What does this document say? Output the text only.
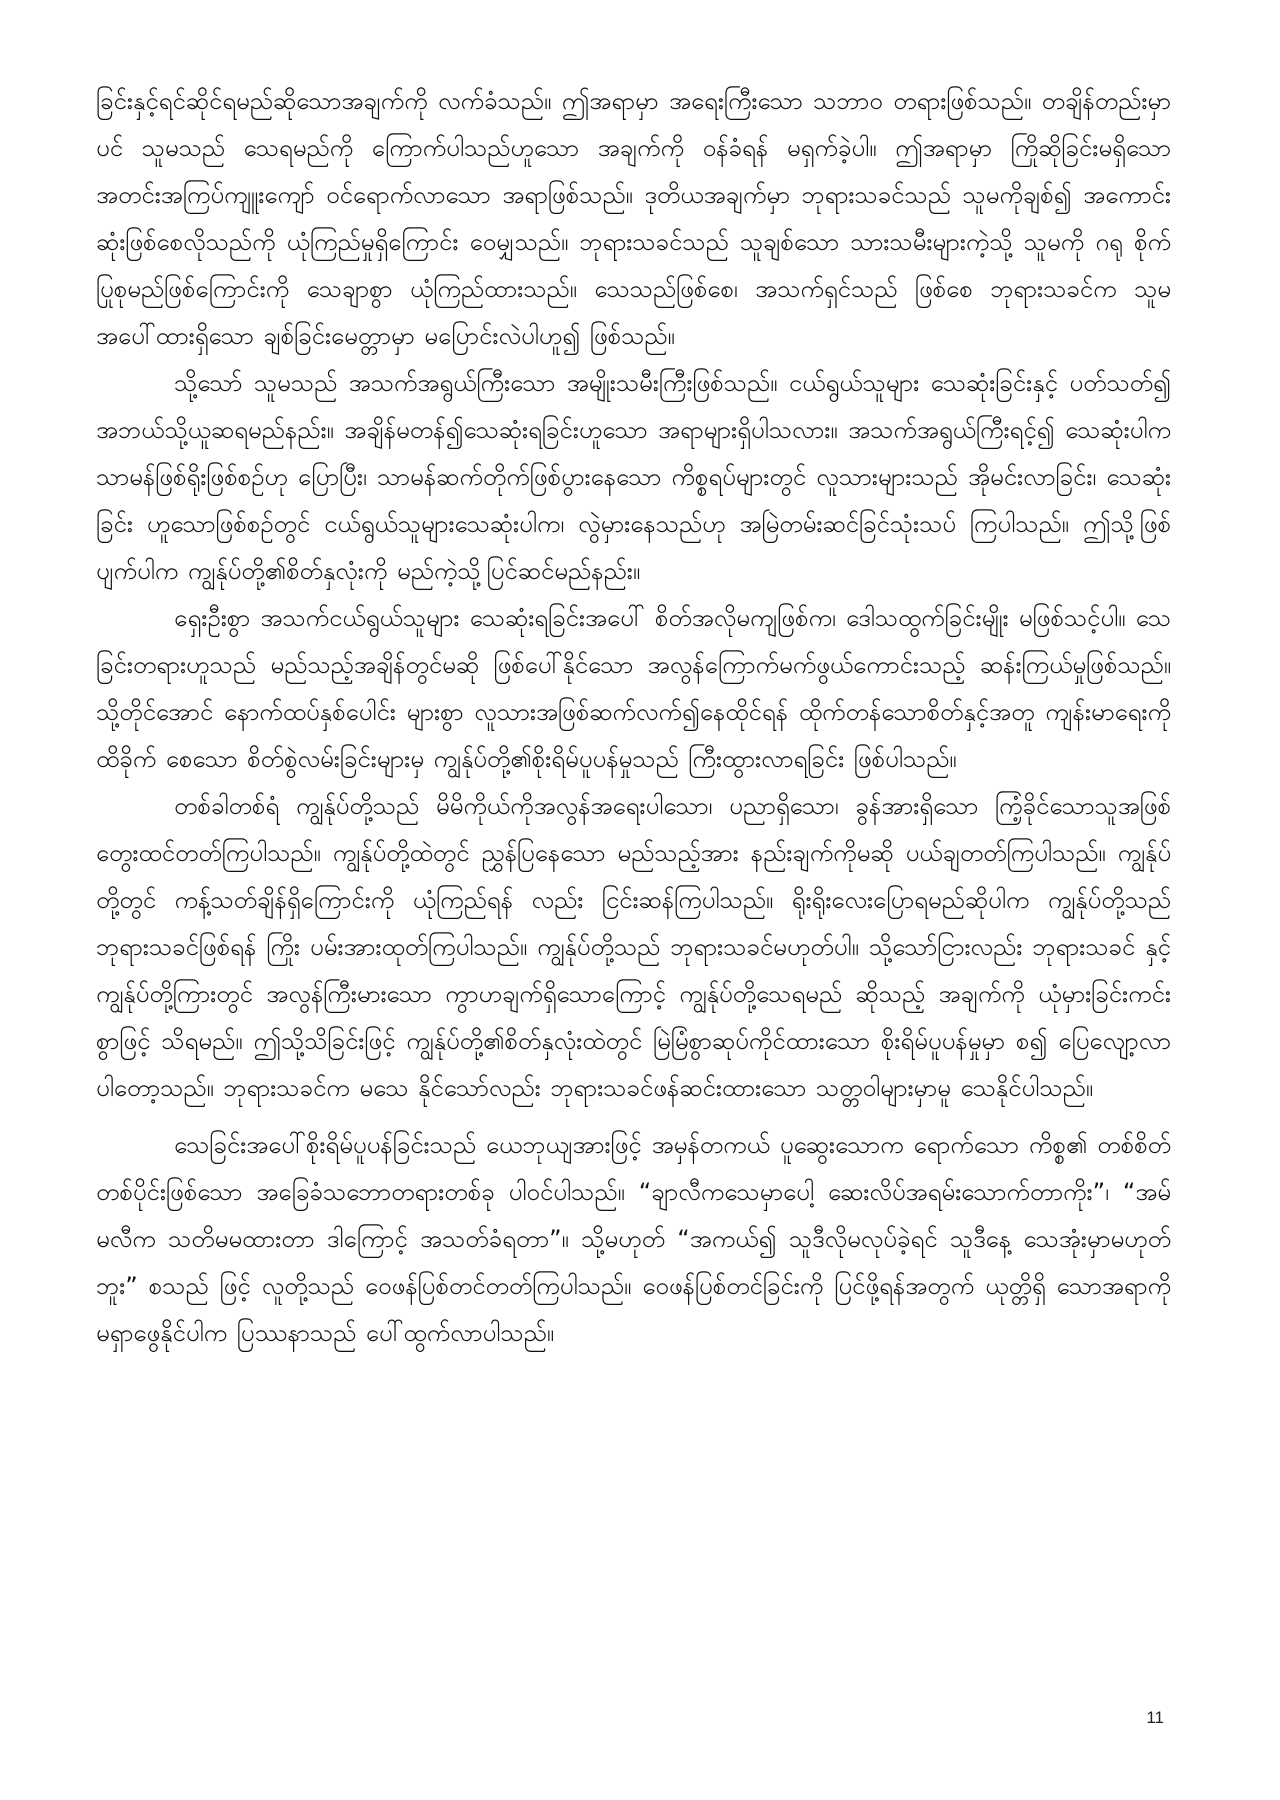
ခြင်းနှင့်ရင်ဆိုင်ရမည်ဆိုသောအချက်ကို လက်ခံသည်။ ဤအရာမှာ အရေးကြီးသော သဘာဝ တရားဖြစ်သည်။ တချိန်တည်းမှာပင် သူမသည် သေရမည်ကို ကြောက်ပါသည်ဟူသော အချက်ကို ဝန်ခံရန် မရှက်ခဲ့ပါ။ ဤအရာမှာ ကြိုဆိုခြင်းမရှိသော အတင်းအကြပ်ကျူးကျော် ဝင်ရောက်လာသော အရာဖြစ်သည်။ ဒုတိယအချက်မှာ ဘုရားသခင်သည် သူမကိုချစ်၍ အကောင်းဆုံးဖြစ်စေလိုသည်ကို ယုံကြည်မှုရှိကြောင်း ဝေမျှသည်။ ဘုရားသခင်သည် သူချစ်သော သားသမီးများကဲ့သို့ သူမကို ဂရု စိုက်ပြုစုမည်ဖြစ်ကြောင်းကို သေချာစွာ ယုံကြည်ထားသည်။ သေသည်ဖြစ်စေ၊ အသက်ရှင်သည် ဖြစ်စေ ဘုရားသခင်က သူမအပေါ်ထားရှိသော ချစ်ခြင်းမေတ္တာမှာ မပြောင်းလဲပါဟူ၍ ဖြစ်သည်။

သို့သော် သူမသည် အသက်အရွယ်ကြီးသော အမျိုးသမီးကြီးဖြစ်သည်။ ငယ်ရွယ်သူများ သေဆုံးခြင်းနှင့် ပတ်သတ်၍ အဘယ်သို့ယူဆရမည်နည်း။ အချိန်မတန်၍သေဆုံးရခြင်းဟူသော အရာများရှိပါသလား။ အသက်အရွယ်ကြီးရင့်၍ သေဆုံးပါက သာမန်ဖြစ်ရိုးဖြစ်စဉ်ဟု ပြောပြီး၊ သာမန်ဆက်တိုက်ဖြစ်ပွားနေသော ကိစ္စရပ်များတွင် လူသားများသည် အိုမင်းလာခြင်း၊ သေဆုံးခြင်း ဟူသောဖြစ်စဉ်တွင် ငယ်ရွယ်သူများသေဆုံးပါက၊ လွဲမှားနေသည်ဟု အမြဲတမ်းဆင်ခြင်သုံးသပ် ကြပါသည်။ ဤသို့ဖြစ်ပျက်ပါက ကျွန်ုပ်တို့၏စိတ်နှလုံးကို မည်ကဲ့သို့ပြင်ဆင်မည်နည်း။

ရှေးဦးစွာ အသက်ငယ်ရွယ်သူများ သေဆုံးရခြင်းအပေါ် စိတ်အလိုမကျဖြစ်က၊ ဒေါသထွက်ခြင်းမျိုး မဖြစ်သင့်ပါ။ သေခြင်းတရားဟူသည် မည်သည့်အချိန်တွင်မဆို ဖြစ်ပေါ်နိုင်သော အလွန်ကြောက်မက်ဖွယ်ကောင်းသည့် ဆန်းကြယ်မှုဖြစ်သည်။ သို့တိုင်အောင် နောက်ထပ်နှစ်ပေါင်း များစွာ လူသားအဖြစ်ဆက်လက်၍နေထိုင်ရန် ထိုက်တန်သောစိတ်နှင့်အတူ ကျန်းမာရေးကိုထိခိုက် စေသော စိတ်စွဲလမ်းခြင်းများမှ ကျွန်ုပ်တို့၏စိုးရိမ်ပူပန်မှုသည် ကြီးထွားလာရခြင်း ဖြစ်ပါသည်။

တစ်ခါတစ်ရံ ကျွန်ုပ်တို့သည် မိမိကိုယ်ကိုအလွန်အရေးပါသော၊ ပညာရှိသော၊ ခွန်အားရှိသော ကြံ့ခိုင်သောသူအဖြစ် တွေးထင်တတ်ကြပါသည်။ ကျွန်ုပ်တို့ထဲတွင် ညွှန်ပြနေသော မည်သည့်အား နည်းချက်ကိုမဆို ပယ်ချတတ်ကြပါသည်။ ကျွန်ုပ်တို့တွင် ကန့်သတ်ချိန်ရှိကြောင်းကို ယုံကြည်ရန် လည်း ငြင်းဆန်ကြပါသည်။ ရိုးရိုးလေးပြောရမည်ဆိုပါက ကျွန်ုပ်တို့သည် ဘုရားသခင်ဖြစ်ရန် ကြိုး ပမ်းအားထုတ်ကြပါသည်။ ကျွန်ုပ်တို့သည် ဘုရားသခင်မဟုတ်ပါ။ သို့သော်ငြားလည်း ဘုရားသခင် နှင့် ကျွန်ုပ်တို့ကြားတွင် အလွန်ကြီးမားသော ကွာဟချက်ရှိသောကြောင့် ကျွန်ုပ်တို့သေရမည် ဆိုသည့် အချက်ကို ယုံမှားခြင်းကင်းစွာဖြင့် သိရမည်။ ဤသို့သိခြင်းဖြင့် ကျွန်ုပ်တို့၏စိတ်နှလုံးထဲတွင် မြဲမြံစွာဆုပ်ကိုင်ထားသော စိုးရိမ်ပူပန်မှုမှာ စ၍ ပြေလျော့လာပါတော့သည်။ ဘုရားသခင်က မသေ နိုင်သော်လည်း ဘုရားသခင်ဖန်ဆင်းထားသော သတ္တဝါများမှာမူ သေနိုင်ပါသည်။

သေခြင်းအပေါ်စိုးရိမ်ပူပန်ခြင်းသည် ယေဘုယျအားဖြင့် အမှန်တကယ် ပူဆွေးသောက ရောက်သော ကိစ္စ၏ တစ်စိတ်တစ်ပိုင်းဖြစ်သော အခြေခံသဘောတရားတစ်ခု ပါဝင်ပါသည်။ “ချာလီကသေမှာပေါ့ ဆေးလိပ်အရမ်းသောက်တာကိုး”၊ “အမ်မလီက သတိမမထားတာ ဒါကြောင့် အသတ်ခံရတာ”။ သို့မဟုတ် “အကယ်၍ သူဒီလိုမလုပ်ခဲ့ရင် သူဒီနေ့ သေအုံးမှာမဟုတ်ဘူး” စသည် ဖြင့် လူတို့သည် ဝေဖန်ပြစ်တင်တတ်ကြပါသည်။ ဝေဖန်ပြစ်တင်ခြင်းကို ပြင်ဖို့ရန်အတွက် ယုတ္တိရှိ သောအရာကို မရှာဖွေနိုင်ပါက ပြဿနာသည် ပေါ်ထွက်လာပါသည်။

11
